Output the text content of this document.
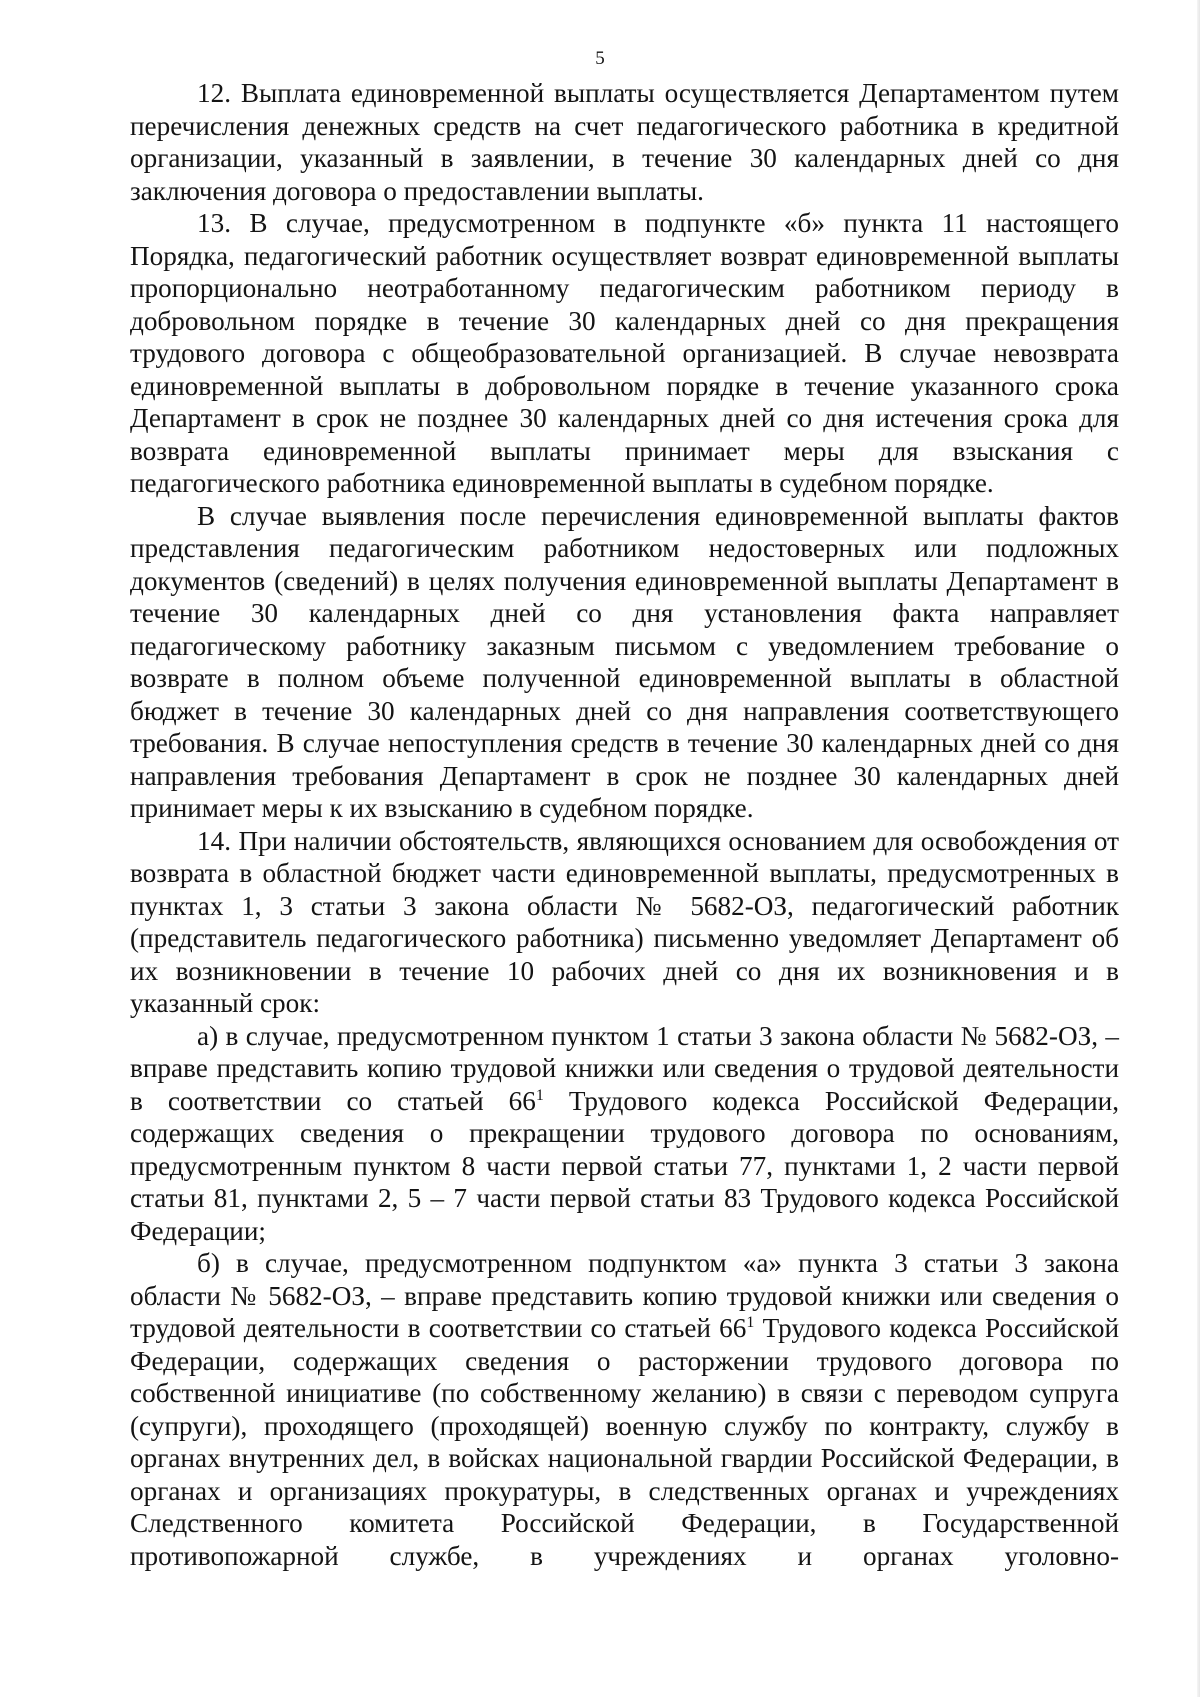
5

12. Выплата единовременной выплаты осуществляется Департаментом путем перечисления денежных средств на счет педагогического работника в кредитной организации, указанный в заявлении, в течение 30 календарных дней со дня заключения договора о предоставлении выплаты.

13. В случае, предусмотренном в подпункте «б» пункта 11 настоящего Порядка, педагогический работник осуществляет возврат единовременной выплаты пропорционально неотработанному педагогическим работником периоду в добровольном порядке в течение 30 календарных дней со дня прекращения трудового договора с общеобразовательной организацией. В случае невозврата единовременной выплаты в добровольном порядке в течение указанного срока Департамент в срок не позднее 30 календарных дней со дня истечения срока для возврата единовременной выплаты принимает меры для взыскания с педагогического работника единовременной выплаты в судебном порядке.

В случае выявления после перечисления единовременной выплаты фактов представления педагогическим работником недостоверных или подложных документов (сведений) в целях получения единовременной выплаты Департамент в течение 30 календарных дней со дня установления факта направляет педагогическому работнику заказным письмом с уведомлением требование о возврате в полном объеме полученной единовременной выплаты в областной бюджет в течение 30 календарных дней со дня направления соответствующего требования. В случае непоступления средств в течение 30 календарных дней со дня направления требования Департамент в срок не позднее 30 календарных дней принимает меры к их взысканию в судебном порядке.

14. При наличии обстоятельств, являющихся основанием для освобождения от возврата в областной бюджет части единовременной выплаты, предусмотренных в пунктах 1, 3 статьи 3 закона области № 5682-ОЗ, педагогический работник (представитель педагогического работника) письменно уведомляет Департамент об их возникновении в течение 10 рабочих дней со дня их возникновения и в указанный срок:

а) в случае, предусмотренном пунктом 1 статьи 3 закона области № 5682-ОЗ, – вправе представить копию трудовой книжки или сведения о трудовой деятельности в соответствии со статьей $66^1$ Трудового кодекса Российской Федерации, содержащих сведения о прекращении трудового договора по основаниям, предусмотренным пунктом 8 части первой статьи 77, пунктами 1, 2 части первой статьи 81, пунктами 2, 5 – 7 части первой статьи 83 Трудового кодекса Российской Федерации;

б) в случае, предусмотренном подпунктом «а» пункта 3 статьи 3 закона области № 5682-ОЗ, – вправе представить копию трудовой книжки или сведения о трудовой деятельности в соответствии со статьей $66^1$ Трудового кодекса Российской Федерации, содержащих сведения о расторжении трудового договора по собственной инициативе (по собственному желанию) в связи с переводом супруга (супруги), проходящего (проходящей) военную службу по контракту, службу в органах внутренних дел, в войсках национальной гвардии Российской Федерации, в органах и организациях прокуратуры, в следственных органах и учреждениях Следственного комитета Российской Федерации, в Государственной противопожарной службе, в учреждениях и органах уголовно-
